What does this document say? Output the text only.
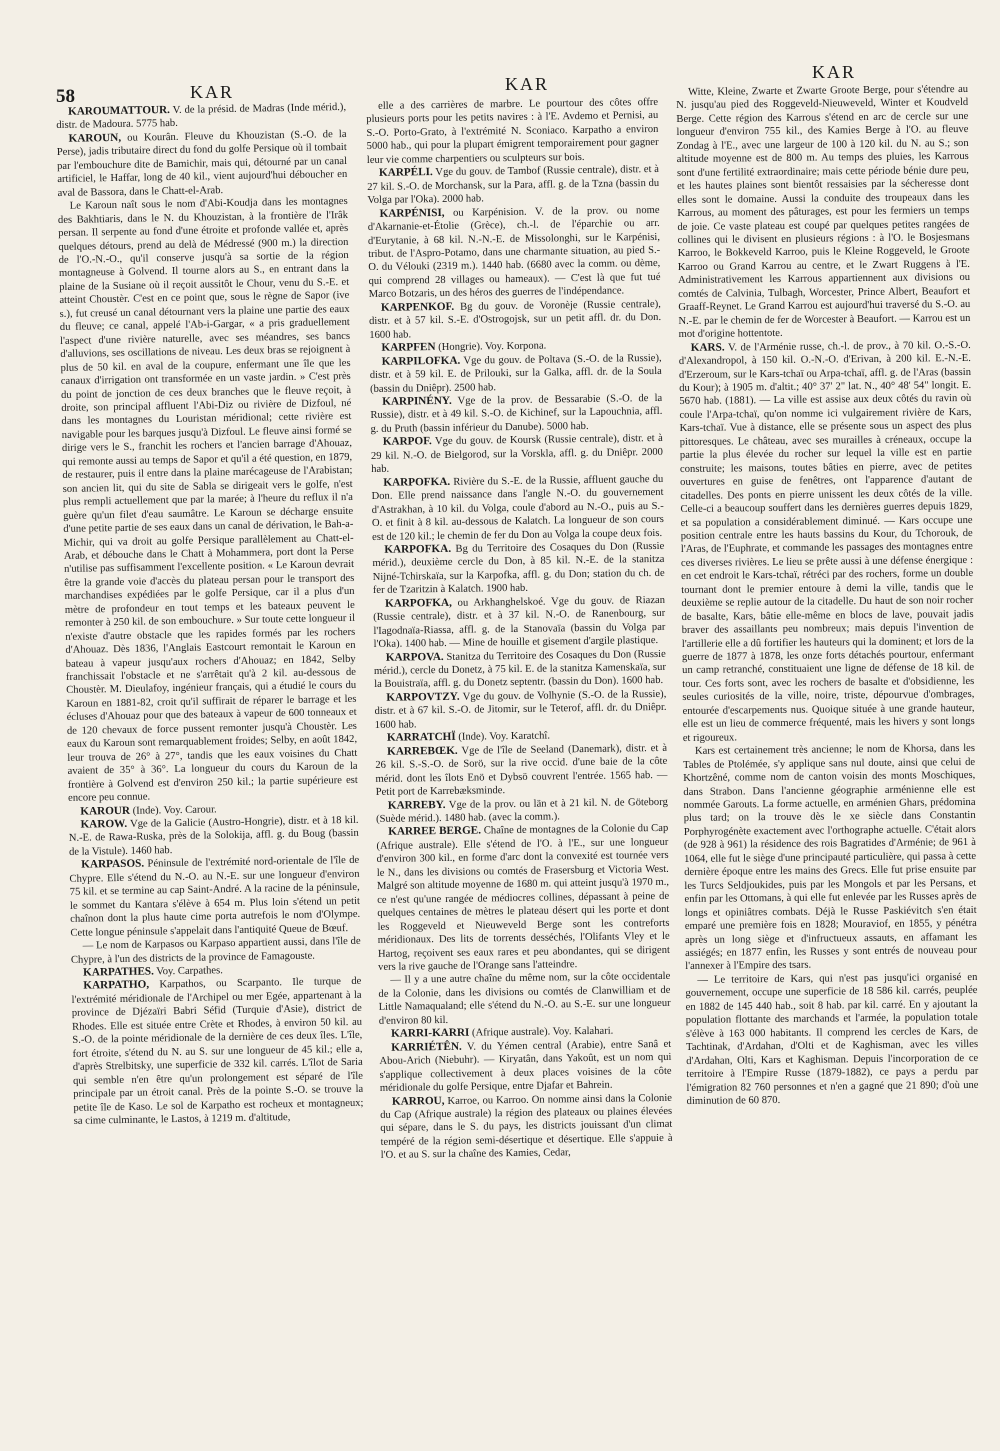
58	KAR	KAR
KAR

KAROUMATTOUR. V. de la présid. de Madras (Inde mérid.), distr. de Madoura. 5775 hab.

KAROUN, ou Kourân. Fleuve du Khouzistan (S.-O. de la Perse), jadis tributaire direct du fond du golfe Persique où il tombait par l'embouchure dite de Bamichir, mais qui, détourné par un canal artificiel, le Haffar, long de 40 kil., vient aujourd'hui déboucher en aval de Bassora, dans le Chatt-el-Arab.

Le Karoun naît sous le nom d'Abi-Koudja dans les montagnes des Bakhtiaris, dans le N. du Khouzistan, à la frontière de l'Irâk persan. Il serpente au fond d'une étroite et profonde vallée et, après quelques détours, prend au delà de Médressé (900 m.) la direction de l'O.-N.-O., qu'il conserve jusqu'à sa sortie de la région montagneuse à Golvend. Il tourne alors au S., en entrant dans la plaine de la Susiane où il reçoit aussitôt le Chour, venu du S.-E. et atteint Choustèr. C'est en ce point que, sous le règne de Sapor (ive s.), fut creusé un canal détournant vers la plaine une partie des eaux du fleuve; ce canal, appelé l'Ab-i-Gargar, « a pris graduellement l'aspect d'une rivière naturelle, avec ses méandres, ses bancs d'alluvions, ses oscillations de niveau. Les deux bras se rejoignent à plus de 50 kil. en aval de la coupure, enfermant une île que les canaux d'irrigation ont transformée en un vaste jardin. » C'est près du point de jonction de ces deux branches que le fleuve reçoit, à droite, son principal affluent l'Abi-Diz ou rivière de Dizfoul, né dans les montagnes du Louristan méridional; cette rivière est navigable pour les barques jusqu'à Dizfoul. Le fleuve ainsi formé se dirige vers le S., franchit les rochers et l'ancien barrage d'Ahouaz, qui remonte aussi au temps de Sapor et qu'il a été question, en 1879, de restaurer, puis il entre dans la plaine marécageuse de l'Arabistan; son ancien lit, qui du site de Sabla se dirigeait vers le golfe, n'est plus rempli actuellement que par la marée; à l'heure du reflux il n'a guère qu'un filet d'eau saumâtre. Le Karoun se décharge ensuite d'une petite partie de ses eaux dans un canal de dérivation, le Bah-a-Michir, qui va droit au golfe Persique parallèlement au Chatt-el-Arab, et débouche dans le Chatt à Mohammera, port dont la Perse n'utilise pas suffisamment l'excellente position. « Le Karoun devrait être la grande voie d'accès du plateau persan pour le transport des marchandises expédiées par le golfe Persique, car il a plus d'un mètre de profondeur en tout temps et les bateaux peuvent le remonter à 250 kil. de son embouchure. » Sur toute cette longueur il n'existe d'autre obstacle que les rapides formés par les rochers d'Ahouaz. Dès 1836, l'Anglais Eastcourt remontait le Karoun en bateau à vapeur jusqu'aux rochers d'Ahouaz; en 1842, Selby franchissait l'obstacle et ne s'arrêtait qu'à 2 kil. au-dessous de Choustèr. M. Dieulafoy, ingénieur français, qui a étudié le cours du Karoun en 1881-82, croit qu'il suffirait de réparer le barrage et les écluses d'Ahouaz pour que des bateaux à vapeur de 600 tonneaux et de 120 chevaux de force pussent remonter jusqu'à Choustèr. Les eaux du Karoun sont remarquablement froides; Selby, en août 1842, leur trouva de 26° à 27°, tandis que les eaux voisines du Chatt avaient de 35° à 36°. La longueur du cours du Karoun de la frontière à Golvend est d'environ 250 kil.; la partie supérieure est encore peu connue.

KAROUR (Inde). Voy. Carour.

KAROW. Vge de la Galicie (Austro-Hongrie), distr. et à 18 kil. N.-E. de Rawa-Ruska, près de la Solokija, affl. g. du Boug (bassin de la Vistule). 1460 hab.

KARPASOS. Péninsule de l'extrémité nord-orientale de l'île de Chypre. Elle s'étend du N.-O. au N.-E. sur une longueur d'environ 75 kil. et se termine au cap Saint-André. A la racine de la péninsule, le sommet du Kantara s'élève à 654 m. Plus loin s'étend un petit chaînon dont la plus haute cime porta autrefois le nom d'Olympe. Cette longue péninsule s'appelait dans l'antiquité Queue de Bœuf.

— Le nom de Karpasos ou Karpaso appartient aussi, dans l'île de Chypre, à l'un des districts de la province de Famagouste.

KARPATHES. Voy. Carpathes.

KARPATHO, Karpathos, ou Scarpanto. Ile turque de l'extrémité méridionale de l'Archipel ou mer Egée, appartenant à la province de Djézaïri Babri Séfid (Turquie d'Asie), district de Rhodes. Elle est située entre Crète et Rhodes, à environ 50 kil. au S.-O. de la pointe méridionale de la dernière de ces deux îles. L'île, fort étroite, s'étend du N. au S. sur une longueur de 45 kil.; elle a, d'après Strelbitsky, une superficie de 332 kil. carrés. L'îlot de Saria qui semble n'en être qu'un prolongement est séparé de l'île principale par un étroit canal. Près de la pointe S.-O. se trouve la petite île de Kaso. Le sol de Karpatho est rocheux et montagneux; sa cime culminante, le Lastos, à 1219 m. d'altitude,

elle a des carrières de marbre. Le pourtour des côtes offre plusieurs ports pour les petits navires : à l'E. Avdemo et Pernisi, au S.-O. Porto-Grato, à l'extrémité N. Sconiaco. Karpatho a environ 5000 hab., qui pour la plupart émigrent temporairement pour gagner leur vie comme charpentiers ou sculpteurs sur bois.

KARPÉLI. Vge du gouv. de Tambof (Russie centrale), distr. et à 27 kil. S.-O. de Morchansk, sur la Para, affl. g. de la Tzna (bassin du Volga par l'Oka). 2000 hab.

KARPÉNISI, ou Karpénision. V. de la prov. ou nome d'Akarnanie-et-Étolie (Grèce), ch.-l. de l'éparchie ou arr. d'Eurytanie, à 68 kil. N.-N.-E. de Missolonghi, sur le Karpénisi, tribut. de l'Aspro-Potamo, dans une charmante situation, au pied S.-O. du Vélouki (2319 m.). 1440 hab. (6680 avec la comm. ou dème, qui comprend 28 villages ou hameaux). — C'est là que fut tué Marco Botzaris, un des héros des guerres de l'indépendance.

KARPENKOF. Bg du gouv. de Voronèje (Russie centrale), distr. et à 57 kil. S.-E. d'Ostrogojsk, sur un petit affl. dr. du Don. 1600 hab.

KARPFEN (Hongrie). Voy. Korpona.

KARPILOFKA. Vge du gouv. de Poltava (S.-O. de la Russie), distr. et à 59 kil. E. de Prilouki, sur la Galka, affl. dr. de la Soula (bassin du Dniêpr). 2500 hab.

KARPINÉNY. Vge de la prov. de Bessarabie (S.-O. de la Russie), distr. et à 49 kil. S.-O. de Kichinef, sur la Lapouchnia, affl. g. du Pruth (bassin inférieur du Danube). 5000 hab.

KARPOF. Vge du gouv. de Koursk (Russie centrale), distr. et à 29 kil. N.-O. de Bielgorod, sur la Vorskla, affl. g. du Dniêpr. 2000 hab.

KARPOFKA. Rivière du S.-E. de la Russie, affluent gauche du Don. Elle prend naissance dans l'angle N.-O. du gouvernement d'Astrakhan, à 10 kil. du Volga, coule d'abord au N.-O., puis au S.-O. et finit à 8 kil. au-dessous de Kalatch. La longueur de son cours est de 120 kil.; le chemin de fer du Don au Volga la coupe deux fois.

KARPOFKA. Bg du Territoire des Cosaques du Don (Russie mérid.), deuxième cercle du Don, à 85 kil. N.-E. de la stanitza Nijné-Tchirskaïa, sur la Karpofka, affl. g. du Don; station du ch. de fer de Tzaritzin à Kalatch. 1900 hab.

KARPOFKA, ou Arkhanghelskoé. Vge du gouv. de Riazan (Russie centrale), distr. et à 37 kil. N.-O. de Ranenbourg, sur l'Iagodnaïa-Riassa, affl. g. de la Stanovaïa (bassin du Volga par l'Oka). 1400 hab. — Mine de houille et gisement d'argile plastique.

KARPOVA. Stanitza du Territoire des Cosaques du Don (Russie mérid.), cercle du Donetz, à 75 kil. E. de la stanitza Kamenskaïa, sur la Bouistraïa, affl. g. du Donetz septentr. (bassin du Don). 1600 hab.

KARPOVTZY. Vge du gouv. de Volhynie (S.-O. de la Russie), distr. et à 67 kil. S.-O. de Jitomir, sur le Teterof, affl. dr. du Dniêpr. 1600 hab.

KARRATCHÏ (Inde). Voy. Karatchî.

KARREBŒK. Vge de l'île de Seeland (Danemark), distr. et à 26 kil. S.-S.-O. de Sorö, sur la rive occid. d'une baie de la côte mérid. dont les îlots Enö et Dybsö couvrent l'entrée. 1565 hab. — Petit port de Karrebæksminde.

KARREBY. Vge de la prov. ou län et à 21 kil. N. de Göteborg (Suède mérid.). 1480 hab. (avec la comm.).

KARREE BERGE. Chaîne de montagnes de la Colonie du Cap (Afrique australe). Elle s'étend de l'O. à l'E., sur une longueur d'environ 300 kil., en forme d'arc dont la convexité est tournée vers le N., dans les divisions ou comtés de Frasersburg et Victoria West. Malgré son altitude moyenne de 1680 m. qui atteint jusqu'à 1970 m., ce n'est qu'une rangée de médiocres collines, dépassant à peine de quelques centaines de mètres le plateau désert qui les porte et dont les Roggeveld et Nieuweveld Berge sont les contreforts méridionaux. Des lits de torrents desséchés, l'Olifants Vley et le Hartog, reçoivent ses eaux rares et peu abondantes, qui se dirigent vers la rive gauche de l'Orange sans l'atteindre.

— Il y a une autre chaîne du même nom, sur la côte occidentale de la Colonie, dans les divisions ou comtés de Clanwilliam et de Little Namaqualand; elle s'étend du N.-O. au S.-E. sur une longueur d'environ 80 kil.

KARRI-KARRI (Afrique australe). Voy. Kalahari.

KARRIÉTÊN. V. du Yémen central (Arabie), entre Sanâ et Abou-Arich (Niebuhr). — Kiryatân, dans Yakoût, est un nom qui s'applique collectivement à deux places voisines de la côte méridionale du golfe Persique, entre Djafar et Bahrein.

KARROU, Karroe, ou Karroo. On nomme ainsi dans la Colonie du Cap (Afrique australe) la région des plateaux ou plaines élevées qui sépare, dans le S. du pays, les districts jouissant d'un climat tempéré de la région semi-désertique et désertique. Elle s'appuie à l'O. et au S. sur la chaîne des Kamies, Cedar,

Witte, Kleine, Zwarte et Zwarte Groote Berge, pour s'étendre au N. jusqu'au pied des Roggeveld-Nieuweveld, Winter et Koudveld Berge. Cette région des Karrous s'étend en arc de cercle sur une longueur d'environ 755 kil., des Kamies Berge à l'O. au fleuve Zondag à l'E., avec une largeur de 100 à 120 kil. du N. au S.; son altitude moyenne est de 800 m. Au temps des pluies, les Karrous sont d'une fertilité extraordinaire; mais cette période bénie dure peu, et les hautes plaines sont bientôt ressaisies par la sécheresse dont elles sont le domaine. Aussi la conduite des troupeaux dans les Karrous, au moment des pâturages, est pour les fermiers un temps de joie. Ce vaste plateau est coupé par quelques petites rangées de collines qui le divisent en plusieurs régions : à l'O. le Bosjesmans Karroo, le Bokkeveld Karroo, puis le Kleine Roggeveld, le Groote Karroo ou Grand Karrou au centre, et le Zwart Ruggens à l'E. Administrativement les Karrous appartiennent aux divisions ou comtés de Calvinia, Tulbagh, Worcester, Prince Albert, Beaufort et Graaff-Reynet. Le Grand Karrou est aujourd'hui traversé du S.-O. au N.-E. par le chemin de fer de Worcester à Beaufort. — Karrou est un mot d'origine hottentote.

KARS. V. de l'Arménie russe, ch.-l. de prov., à 70 kil. O.-S.-O. d'Alexandropol, à 150 kil. O.-N.-O. d'Erivan, à 200 kil. E.-N.-E. d'Erzeroum, sur le Kars-tchaï ou Arpa-tchaï, affl. g. de l'Aras (bassin du Kour); à 1905 m. d'altit.; 40° 37' 2" lat. N., 40° 48' 54" longit. E. 5670 hab. (1881). — La ville est assise aux deux côtés du ravin où coule l'Arpa-tchaï, qu'on nomme ici vulgairement rivière de Kars, Kars-tchaï. Vue à distance, elle se présente sous un aspect des plus pittoresques. Le château, avec ses murailles à créneaux, occupe la partie la plus élevée du rocher sur lequel la ville est en partie construite; les maisons, toutes bâties en pierre, avec de petites ouvertures en guise de fenêtres, ont l'apparence d'autant de citadelles. Des ponts en pierre unissent les deux côtés de la ville. Celle-ci a beaucoup souffert dans les dernières guerres depuis 1829, et sa population a considérablement diminué. — Kars occupe une position centrale entre les hauts bassins du Kour, du Tchorouk, de l'Aras, de l'Euphrate, et commande les passages des montagnes entre ces diverses rivières. Le lieu se prête aussi à une défense énergique : en cet endroit le Kars-tchaï, rétréci par des rochers, forme un double tournant dont le premier entoure à demi la ville, tandis que le deuxième se replie autour de la citadelle. Du haut de son noir rocher de basalte, Kars, bâtie elle-même en blocs de lave, pouvait jadis braver des assaillants peu nombreux; mais depuis l'invention de l'artillerie elle a dû fortifier les hauteurs qui la dominent; et lors de la guerre de 1877 à 1878, les onze forts détachés pourtour, enfermant un camp retranché, constituaient une ligne de défense de 18 kil. de tour. Ces forts sont, avec les rochers de basalte et d'obsidienne, les seules curiosités de la ville, noire, triste, dépourvue d'ombrages, entourée d'escarpements nus. Quoique située à une grande hauteur, elle est un lieu de commerce fréquenté, mais les hivers y sont longs et rigoureux.

Kars est certainement très ancienne; le nom de Khorsa, dans les Tables de Ptolémée, s'y applique sans nul doute, ainsi que celui de Khortzêné, comme nom de canton voisin des monts Moschiques, dans Strabon. Dans l'ancienne géographie arménienne elle est nommée Garouts. La forme actuelle, en arménien Ghars, prédomina plus tard; on la trouve dès le xe siècle dans Constantin Porphyrogénète exactement avec l'orthographe actuelle. C'était alors (de 928 à 961) la résidence des rois Bagratides d'Arménie; de 961 à 1064, elle fut le siège d'une principauté particulière, qui passa à cette dernière époque entre les mains des Grecs. Elle fut prise ensuite par les Turcs Seldjoukides, puis par les Mongols et par les Persans, et enfin par les Ottomans, à qui elle fut enlevée par les Russes après de longs et opiniâtres combats. Déjà le Russe Paskiévitch s'en était emparé une première fois en 1828; Mouraviof, en 1855, y pénétra après un long siège et d'infructueux assauts, en affamant les assiégés; en 1877 enfin, les Russes y sont entrés de nouveau pour l'annexer à l'Empire des tsars.

— Le territoire de Kars, qui n'est pas jusqu'ici organisé en gouvernement, occupe une superficie de 18 586 kil. carrés, peuplée en 1882 de 145 440 hab., soit 8 hab. par kil. carré. En y ajoutant la population flottante des marchands et l'armée, la population totale s'élève à 163 000 habitants. Il comprend les cercles de Kars, de Tachtinak, d'Ardahan, d'Olti et de Kaghisman, avec les villes d'Ardahan, Olti, Kars et Kaghisman. Depuis l'incorporation de ce territoire à l'Empire Russe (1879-1882), ce pays a perdu par l'émigration 82 760 personnes et n'en a gagné que 21 890; d'où une diminution de 60 870.
